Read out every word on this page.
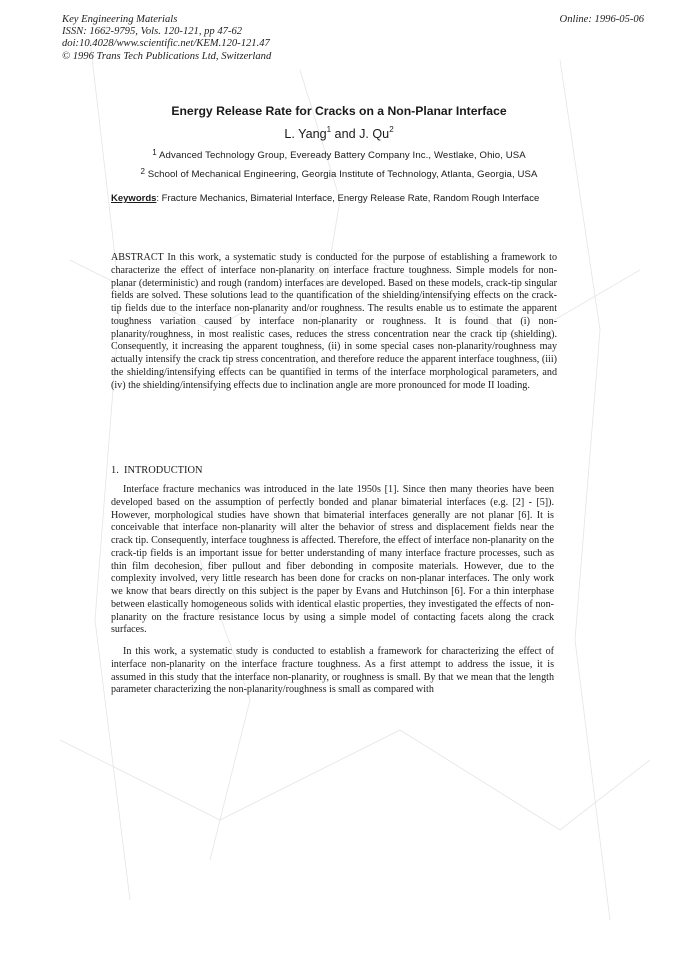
Key Engineering Materials
ISSN: 1662-9795, Vols. 120-121, pp 47-62
doi:10.4028/www.scientific.net/KEM.120-121.47
© 1996 Trans Tech Publications Ltd, Switzerland
Online: 1996-05-06
Energy Release Rate for Cracks on a Non-Planar Interface
L. Yang$^1$ and J. Qu$^2$
$^1$ Advanced Technology Group, Eveready Battery Company Inc., Westlake, Ohio, USA
$^2$ School of Mechanical Engineering, Georgia Institute of Technology, Atlanta, Georgia, USA
Keywords: Fracture Mechanics, Bimaterial Interface, Energy Release Rate, Random Rough Interface

ABSTRACT In this work, a systematic study is conducted for the purpose of establishing a framework to characterize the effect of interface non-planarity on interface fracture toughness. Simple models for non-planar (deterministic) and rough (random) interfaces are developed. Based on these models, crack-tip singular fields are solved. These solutions lead to the quantification of the shielding/intensifying effects on the crack-tip fields due to the interface non-planarity and/or roughness. The results enable us to estimate the apparent toughness variation caused by interface non-planarity or roughness. It is found that (i) non-planarity/roughness, in most realistic cases, reduces the stress concentration near the crack tip (shielding). Consequently, it increasing the apparent toughness, (ii) in some special cases non-planarity/roughness may actually intensify the crack tip stress concentration, and therefore reduce the apparent interface toughness, (iii) the shielding/intensifying effects can be quantified in terms of the interface morphological parameters, and (iv) the shielding/intensifying effects due to inclination angle are more pronounced for mode II loading.

1.  INTRODUCTION

Interface fracture mechanics was introduced in the late 1950s [1]. Since then many theories have been developed based on the assumption of perfectly bonded and planar bimaterial interfaces (e.g. [2] - [5]). However, morphological studies have shown that bimaterial interfaces generally are not planar [6]. It is conceivable that interface non-planarity will alter the behavior of stress and displacement fields near the crack tip. Consequently, interface toughness is affected. Therefore, the effect of interface non-planarity on the crack-tip fields is an important issue for better understanding of many interface fracture processes, such as thin film decohesion, fiber pullout and fiber debonding in composite materials. However, due to the complexity involved, very little research has been done for cracks on non-planar interfaces. The only work we know that bears directly on this subject is the paper by Evans and Hutchinson [6]. For a thin interphase between elastically homogeneous solids with identical elastic properties, they investigated the effects of non-planarity on the fracture resistance locus by using a simple model of contacting facets along the crack surfaces.

In this work, a systematic study is conducted to establish a framework for characterizing the effect of interface non-planarity on the interface fracture toughness. As a first attempt to address the issue, it is assumed in this study that the interface non-planarity, or roughness is small. By that we mean that the length parameter characterizing the non-planarity/roughness is small as compared with
